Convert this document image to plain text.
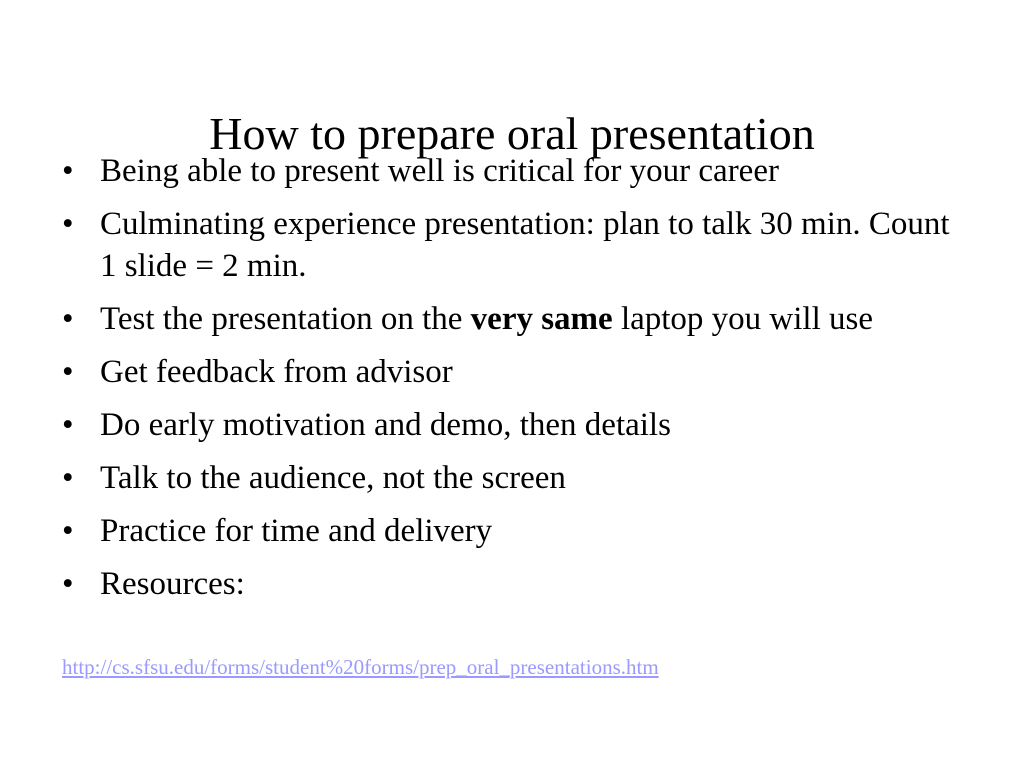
How to prepare oral presentation
• Being able to present well is critical for your career
• Culminating experience presentation: plan to talk 30 min. Count 1 slide = 2 min.
• Test the presentation on the very same laptop you will use
• Get feedback from advisor
• Do early motivation and demo, then details
• Talk to the audience, not the screen
• Practice for time and delivery
• Resources:
http://cs.sfsu.edu/forms/student%20forms/prep_oral_presentations.htm
